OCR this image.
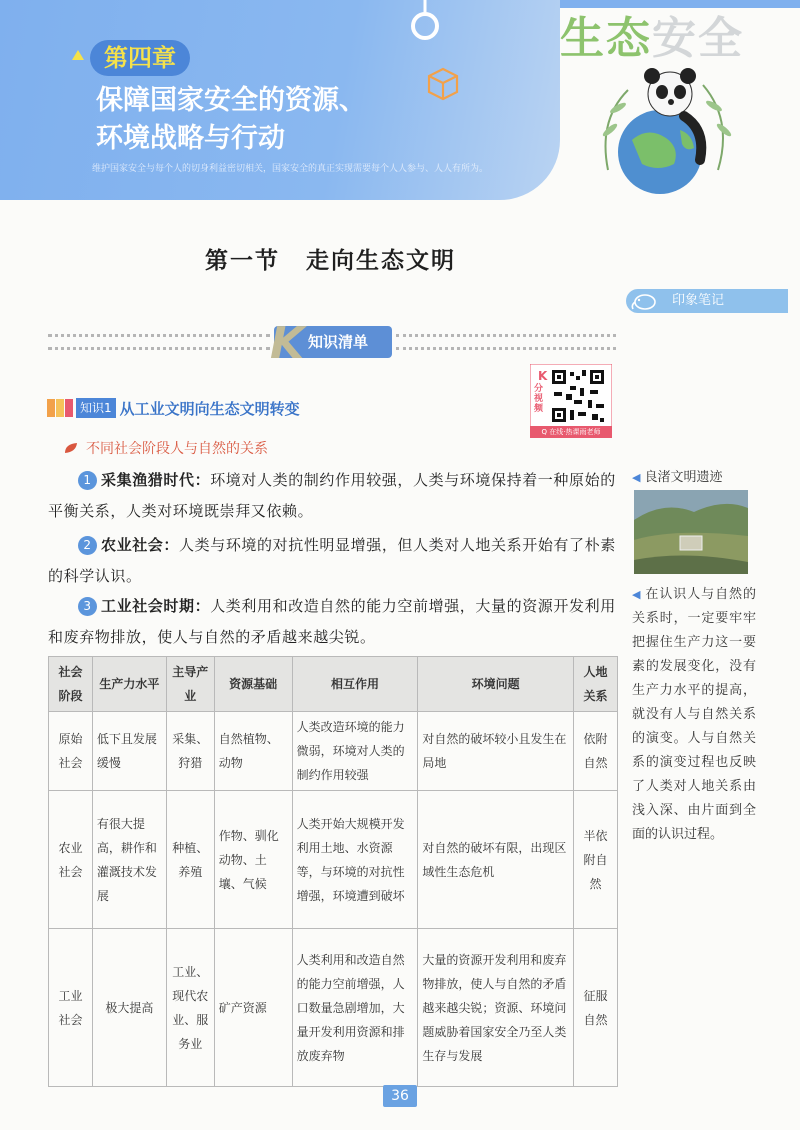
第四章
保障国家安全的资源、
环境战略与行动
维护国家安全与每个人的切身利益密切相关，国家安全的真正实现需要每个人人参与、人人有所为。
生态安全
第一节 走向生态文明
印象笔记
知识清单
K
知识1 从工业文明向生态文明转变
K
分视频
Q 在线·热课雨老师
不同社会阶段人与自然的关系
1 采集渔猎时代：环境对人类的制约作用较强，人类与环境保持着一种原始的平衡关系，人类对环境既崇拜又依赖。
2 农业社会：人类与环境的对抗性明显增强，但人类对人地关系开始有了朴素的科学认识。
3 工业社会时期：人类利用和改造自然的能力空前增强，大量的资源开发利用和废弃物排放，使人与自然的矛盾越来越尖锐。
◀ 良渚文明遗迹
◀ 在认识人与自然的关系时，一定要牢牢把握住生产力这一要素的发展变化，没有生产力水平的提高，就没有人与自然关系的演变。人与自然关系的演变过程也反映了人类对人地关系由浅入深、由片面到全面的认识过程。
社会阶段	生产力水平	主导产业	资源基础	相互作用	环境问题	人地关系
原始社会	低下且发展缓慢	采集、狩猎	自然植物、动物	人类改造环境的能力微弱，环境对人类的制约作用较强	对自然的破坏较小且发生在局地	依附自然
农业社会	有很大提高，耕作和灌溉技术发展	种植、养殖	作物、驯化动物、土壤、气候	人类开始大规模开发利用土地、水资源等，与环境的对抗性增强，环境遭到破坏	对自然的破坏有限，出现区域性生态危机	半依附自然
工业社会	极大提高	工业、现代农业、服务业	矿产资源	人类利用和改造自然的能力空前增强，人口数量急剧增加，大量开发利用资源和排放废弃物	大量的资源开发利用和废弃物排放，使人与自然的矛盾越来越尖锐；资源、环境问题威胁着国家安全乃至人类生存与发展	征服自然
36
